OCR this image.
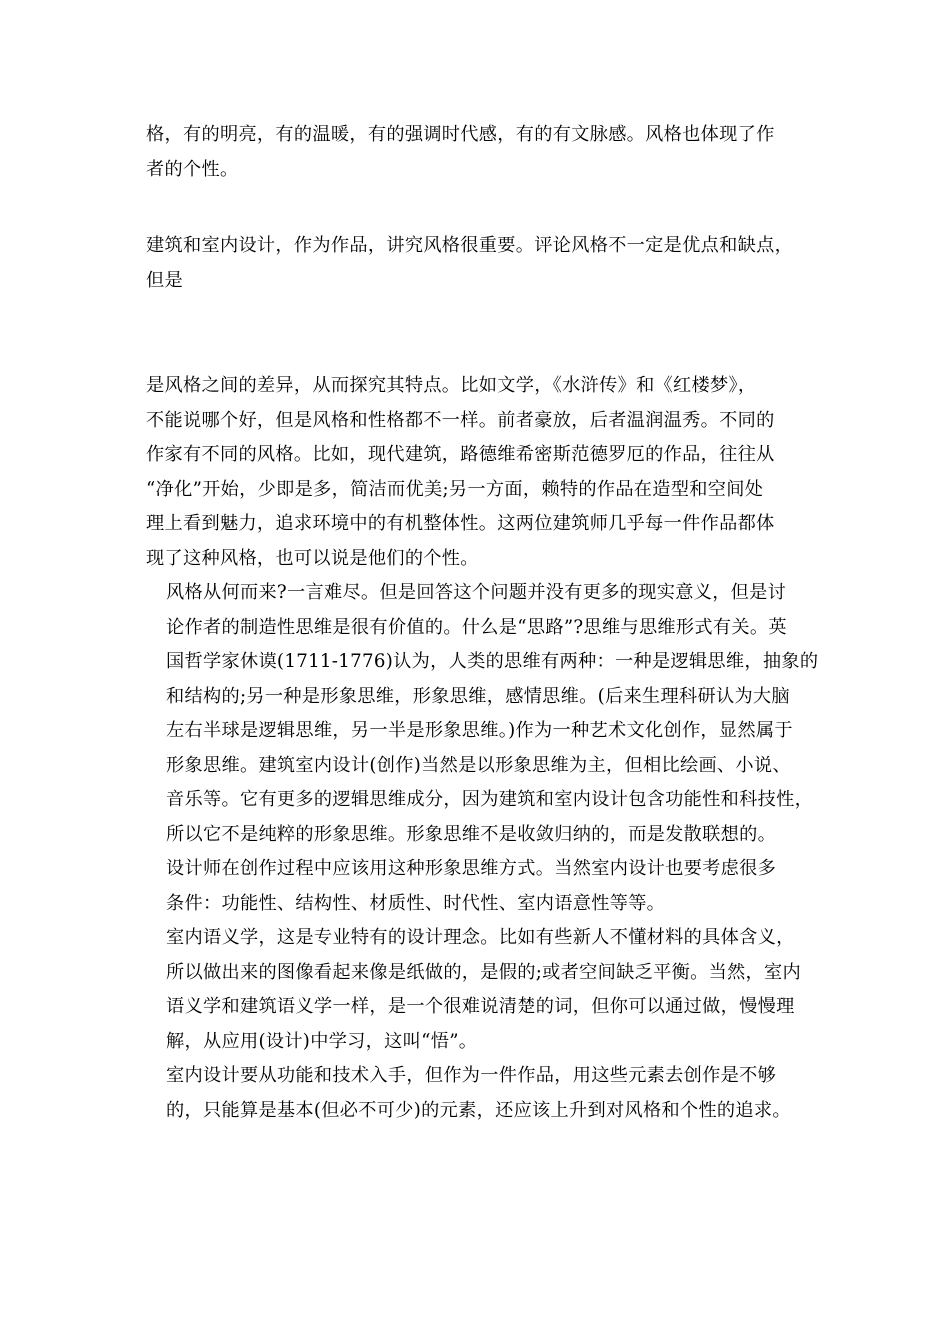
格，有的明亮，有的温暖，有的强调时代感，有的有文脉感。风格也体现了作
者的个性。

建筑和室内设计，作为作品，讲究风格很重要。评论风格不一定是优点和缺点，
但是

是风格之间的差异，从而探究其特点。比如文学，《水浒传》和《红楼梦》，
不能说哪个好，但是风格和性格都不一样。前者豪放，后者温润温秀。不同的
作家有不同的风格。比如，现代建筑，路德维希密斯范德罗厄的作品，往往从
“净化”开始，少即是多，简洁而优美;另一方面，赖特的作品在造型和空间处
理上看到魅力，追求环境中的有机整体性。这两位建筑师几乎每一件作品都体
现了这种风格，也可以说是他们的个性。

风格从何而来?一言难尽。但是回答这个问题并没有更多的现实意义，但是讨
论作者的制造性思维是很有价值的。什么是“思路”?思维与思维形式有关。英
国哲学家休谟(1711-1776)认为，人类的思维有两种：一种是逻辑思维，抽象的
和结构的;另一种是形象思维，形象思维，感情思维。(后来生理科研认为大脑
左右半球是逻辑思维，另一半是形象思维。)作为一种艺术文化创作，显然属于
形象思维。建筑室内设计(创作)当然是以形象思维为主，但相比绘画、小说、
音乐等。它有更多的逻辑思维成分，因为建筑和室内设计包含功能性和科技性，
所以它不是纯粹的形象思维。形象思维不是收敛归纳的，而是发散联想的。

设计师在创作过程中应该用这种形象思维方式。当然室内设计也要考虑很多
条件：功能性、结构性、材质性、时代性、室内语意性等等。

室内语义学，这是专业特有的设计理念。比如有些新人不懂材料的具体含义，
所以做出来的图像看起来像是纸做的，是假的;或者空间缺乏平衡。当然，室内
语义学和建筑语义学一样，是一个很难说清楚的词，但你可以通过做，慢慢理
解，从应用(设计)中学习，这叫“悟”。

室内设计要从功能和技术入手，但作为一件作品，用这些元素去创作是不够
的，只能算是基本(但必不可少)的元素，还应该上升到对风格和个性的追求。
